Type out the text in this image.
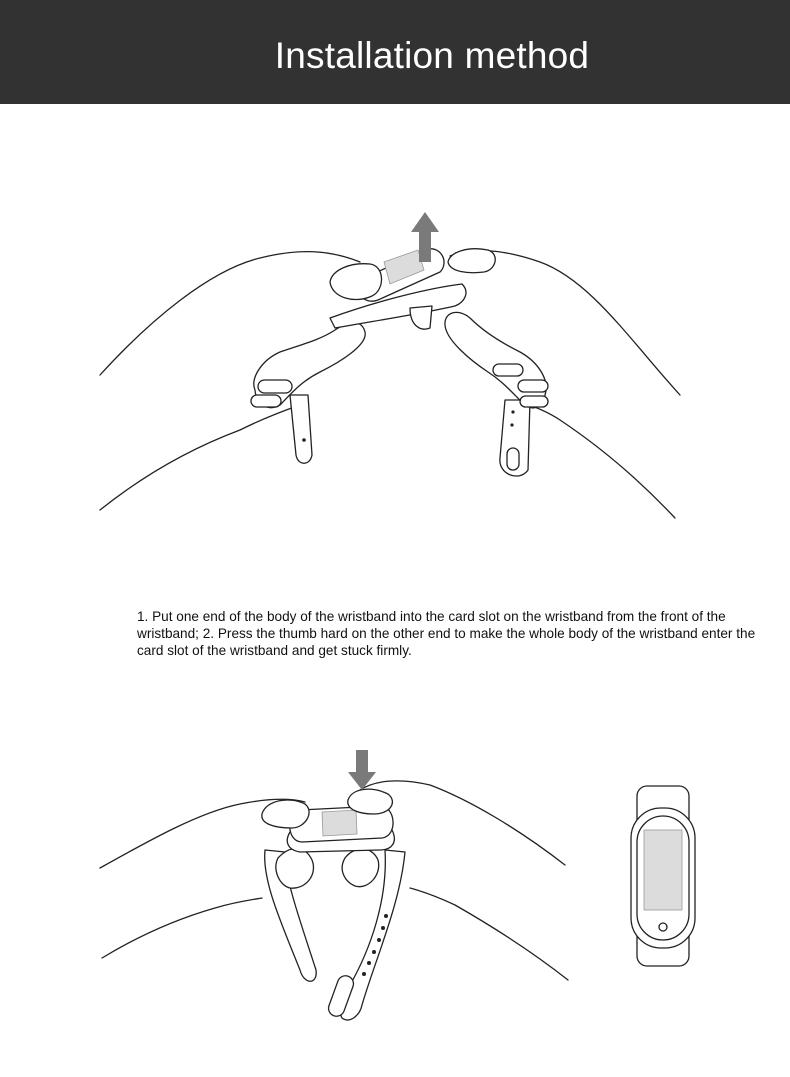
Installation method
1. Put one end of the body of the wristband into the card slot on the wristband from the front of the wristband; 2. Press the thumb hard on the other end to make the whole body of the wristband enter the card slot of the wristband and get stuck firmly.
